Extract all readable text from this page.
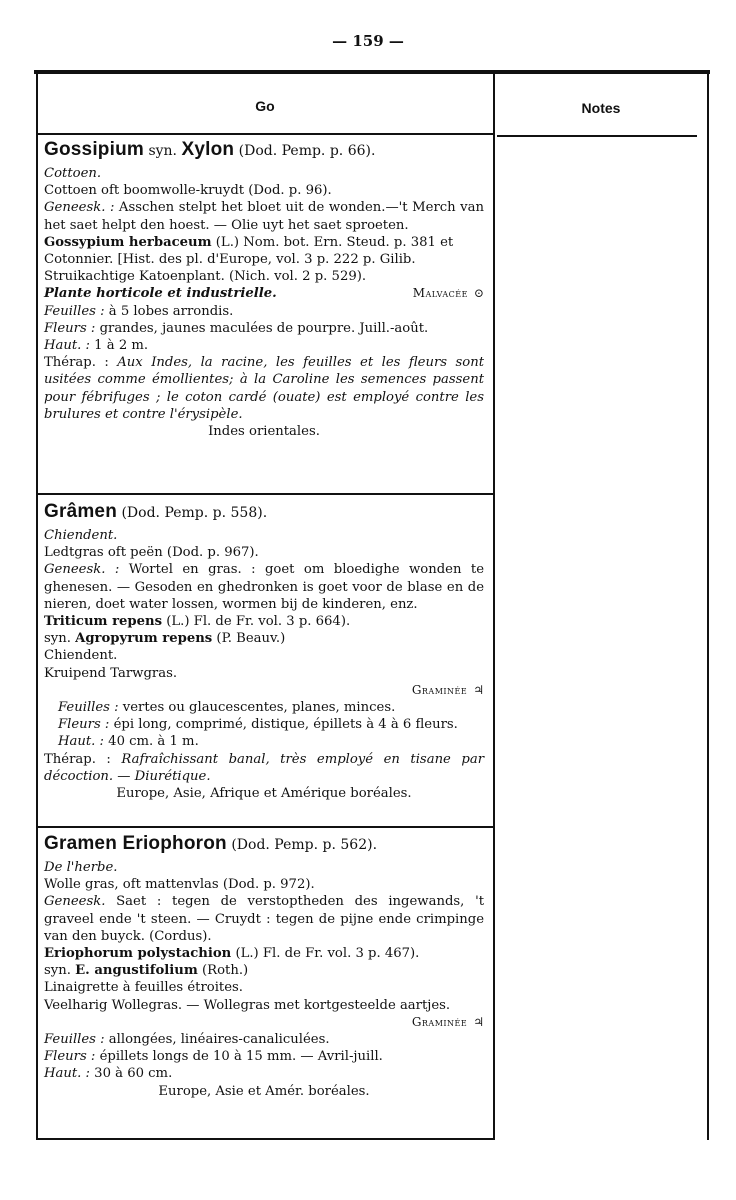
— 159 —
Go	Notes

Gossipium syn. Xylon (Dod. Pemp. p. 66).

Cottoen.

Cottoen oft boomwolle-kruydt (Dod. p. 96).

Geneesk. : Asschen stelpt het bloet uit de wonden.—'t Merch van het saet helpt den hoest. — Olie uyt het saet sproeten.

Gossypium herbaceum (L.) Nom. bot. Ern. Steud. p. 381 et

Cotonnier. [Hist. des pl. d'Europe, vol. 3 p. 222 p. Gilib.

Struikachtige Katoenplant. (Nich. vol. 2 p. 529).

Plante horticole et industrielle.	Malvacée ⊙

Feuilles : à 5 lobes arrondis.

Fleurs : grandes, jaunes maculées de pourpre. Juill.-août.

Haut. : 1 à 2 m.

Thérap. : Aux Indes, la racine, les feuilles et les fleurs sont usitées comme émollientes; à la Caroline les semences passent pour fébrifuges ; le coton cardé (ouate) est employé contre les brulures et contre l'érysipèle.

Indes orientales.

Grâmen (Dod. Pemp. p. 558).

Chiendent.

Ledtgras oft peën (Dod. p. 967).

Geneesk. : Wortel en gras. : goet om bloedighe wonden te ghenesen. — Gesoden en ghedronken is goet voor de blase en de nieren, doet water lossen, wormen bij de kinderen, enz.

Triticum repens (L.) Fl. de Fr. vol. 3 p. 664).

syn. Agropyrum repens (P. Beauv.)

Chiendent.

Kruipend Tarwgras.

Graminée ♃

Feuilles : vertes ou glaucescentes, planes, minces.

Fleurs : épi long, comprimé, distique, épillets à 4 à 6 fleurs.

Haut. : 40 cm. à 1 m.

Thérap. : Rafraîchissant banal, très employé en tisane par décoction. — Diurétique.

Europe, Asie, Afrique et Amérique boréales.

Gramen Eriophoron (Dod. Pemp. p. 562).

De l'herbe.

Wolle gras, oft mattenvlas (Dod. p. 972).

Geneesk. Saet : tegen de verstoptheden des ingewands, 't graveel ende 't steen. — Cruydt : tegen de pijne ende crimpinge van den buyck. (Cordus).

Eriophorum polystachion (L.) Fl. de Fr. vol. 3 p. 467).

syn. E. angustifolium (Roth.)

Linaigrette à feuilles étroites.

Veelharig Wollegras. — Wollegras met kortgesteelde aartjes.

Graminée ♃

Feuilles : allongées, linéaires-canaliculées.

Fleurs : épillets longs de 10 à 15 mm. — Avril-juill.

Haut. : 30 à 60 cm.

Europe, Asie et Amér. boréales.
